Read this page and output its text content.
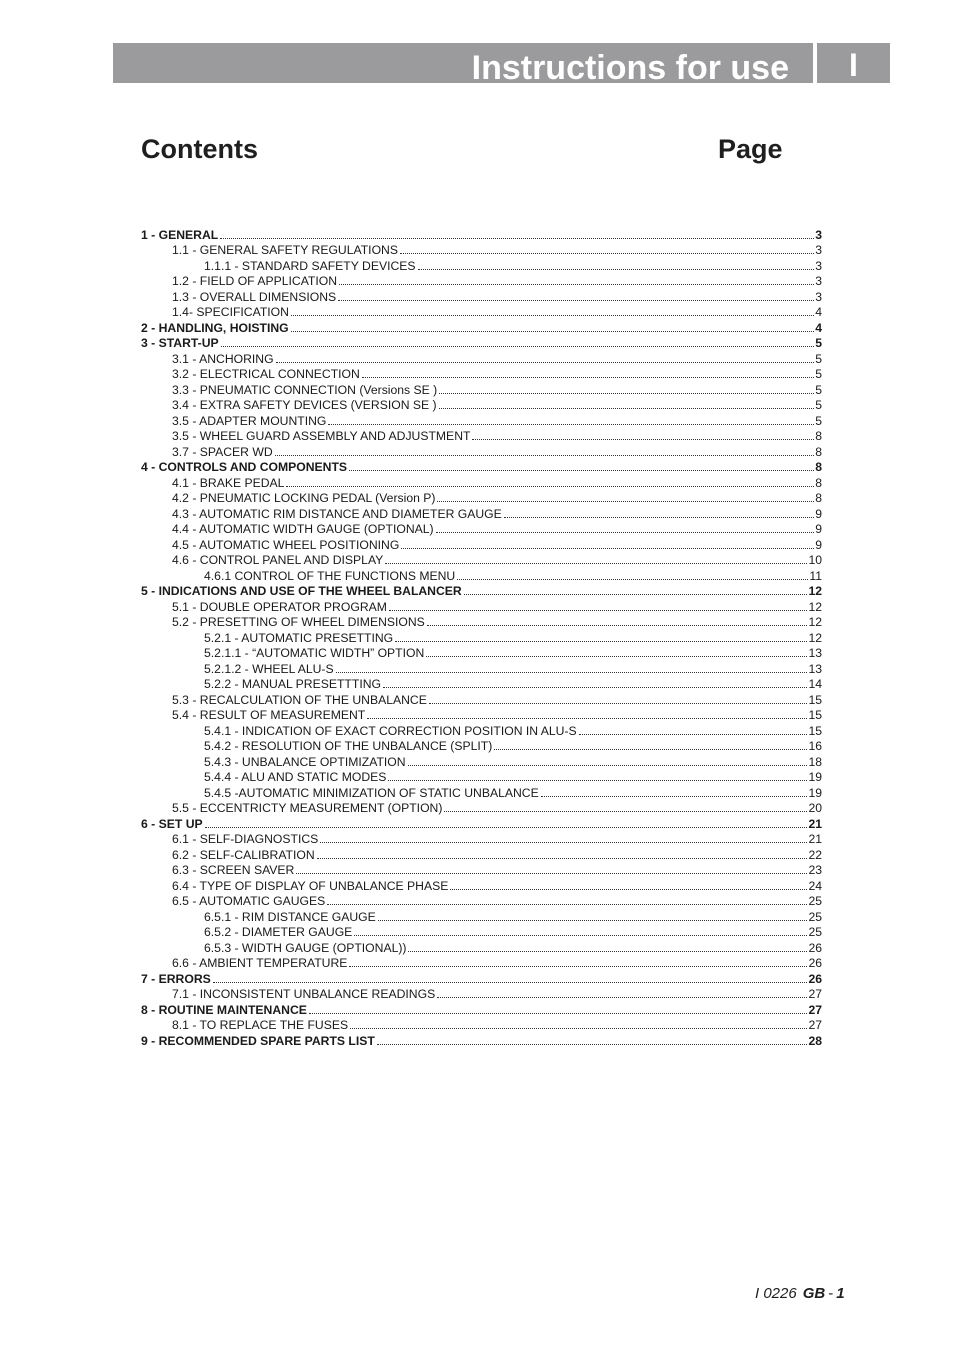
Instructions for use	I
Contents	Page
1 - GENERAL	3
1.1 - GENERAL SAFETY REGULATIONS	3
1.1.1 - STANDARD SAFETY DEVICES	3
1.2 - FIELD OF APPLICATION	3
1.3 - OVERALL DIMENSIONS	3
1.4- SPECIFICATION	4
2 - HANDLING, HOISTING	4
3 - START-UP	5
3.1 - ANCHORING	5
3.2 - ELECTRICAL CONNECTION	5
3.3 - PNEUMATIC CONNECTION (Versions SE )	5
3.4 - EXTRA SAFETY DEVICES (VERSION SE )	5
3.5 - ADAPTER MOUNTING	5
3.5 - WHEEL GUARD ASSEMBLY AND ADJUSTMENT	8
3.7 - SPACER WD	8
4 - CONTROLS AND COMPONENTS	8
4.1 - BRAKE PEDAL	8
4.2 - PNEUMATIC LOCKING PEDAL (Version P)	8
4.3 - AUTOMATIC RIM DISTANCE AND DIAMETER GAUGE	9
4.4 - AUTOMATIC WIDTH GAUGE (OPTIONAL)	9
4.5 - AUTOMATIC WHEEL POSITIONING	9
4.6 - CONTROL PANEL AND DISPLAY	10
4.6.1 CONTROL OF THE FUNCTIONS MENU	11
5 - INDICATIONS AND USE OF THE WHEEL BALANCER	12
5.1 - DOUBLE OPERATOR PROGRAM	12
5.2 - PRESETTING OF WHEEL DIMENSIONS	12
5.2.1 - AUTOMATIC PRESETTING	12
5.2.1.1 - “AUTOMATIC WIDTH” OPTION	13
5.2.1.2 - WHEEL ALU-S	13
5.2.2 - MANUAL PRESETTTING	14
5.3 - RECALCULATION OF THE UNBALANCE	15
5.4 - RESULT OF MEASUREMENT	15
5.4.1 - INDICATION OF EXACT CORRECTION POSITION IN ALU-S	15
5.4.2 - RESOLUTION OF THE UNBALANCE (SPLIT)	16
5.4.3 - UNBALANCE OPTIMIZATION	18
5.4.4 - ALU AND STATIC MODES	19
5.4.5 -AUTOMATIC MINIMIZATION OF STATIC UNBALANCE	19
5.5 - ECCENTRICTY MEASUREMENT (OPTION)	20
6 - SET UP	21
6.1 - SELF-DIAGNOSTICS	21
6.2 - SELF-CALIBRATION	22
6.3 - SCREEN SAVER	23
6.4 - TYPE OF DISPLAY OF UNBALANCE PHASE	24
6.5 - AUTOMATIC GAUGES	25
6.5.1 - RIM DISTANCE GAUGE	25
6.5.2 - DIAMETER GAUGE	25
6.5.3 - WIDTH GAUGE (OPTIONAL))	26
6.6 - AMBIENT TEMPERATURE	26
7 - ERRORS	26
7.1 - INCONSISTENT UNBALANCE READINGS	27
8 - ROUTINE MAINTENANCE	27
8.1 - TO REPLACE THE FUSES	27
9 - RECOMMENDED SPARE PARTS LIST	28
I 0226 GB - 1
